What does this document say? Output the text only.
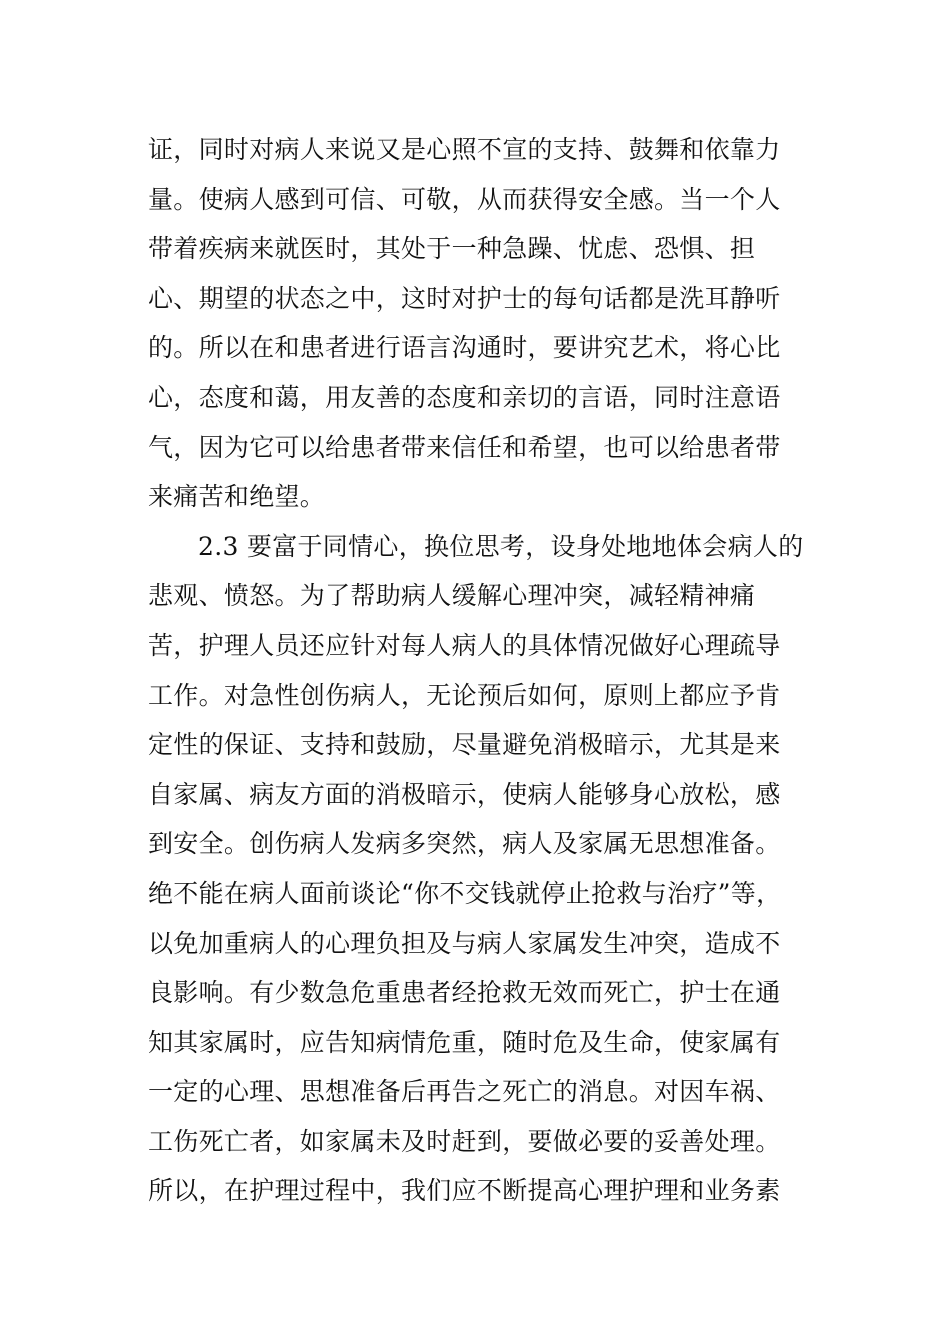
证，同时对病人来说又是心照不宣的支持、鼓舞和依靠力
量。使病人感到可信、可敬，从而获得安全感。当一个人
带着疾病来就医时，其处于一种急躁、忧虑、恐惧、担
心、期望的状态之中，这时对护士的每句话都是洗耳静听
的。所以在和患者进行语言沟通时，要讲究艺术，将心比
心，态度和蔼，用友善的态度和亲切的言语，同时注意语
气，因为它可以给患者带来信任和希望，也可以给患者带
来痛苦和绝望。
2.3 要富于同情心，换位思考，设身处地地体会病人的
悲观、愤怒。为了帮助病人缓解心理冲突，减轻精神痛
苦，护理人员还应针对每人病人的具体情况做好心理疏导
工作。对急性创伤病人，无论预后如何，原则上都应予肯
定性的保证、支持和鼓励，尽量避免消极暗示，尤其是来
自家属、病友方面的消极暗示，使病人能够身心放松，感
到安全。创伤病人发病多突然，病人及家属无思想准备。
绝不能在病人面前谈论“你不交钱就停止抢救与治疗”等，
以免加重病人的心理负担及与病人家属发生冲突，造成不
良影响。有少数急危重患者经抢救无效而死亡，护士在通
知其家属时，应告知病情危重，随时危及生命，使家属有
一定的心理、思想准备后再告之死亡的消息。对因车祸、
工伤死亡者，如家属未及时赶到，要做必要的妥善处理。
所以，在护理过程中，我们应不断提高心理护理和业务素
